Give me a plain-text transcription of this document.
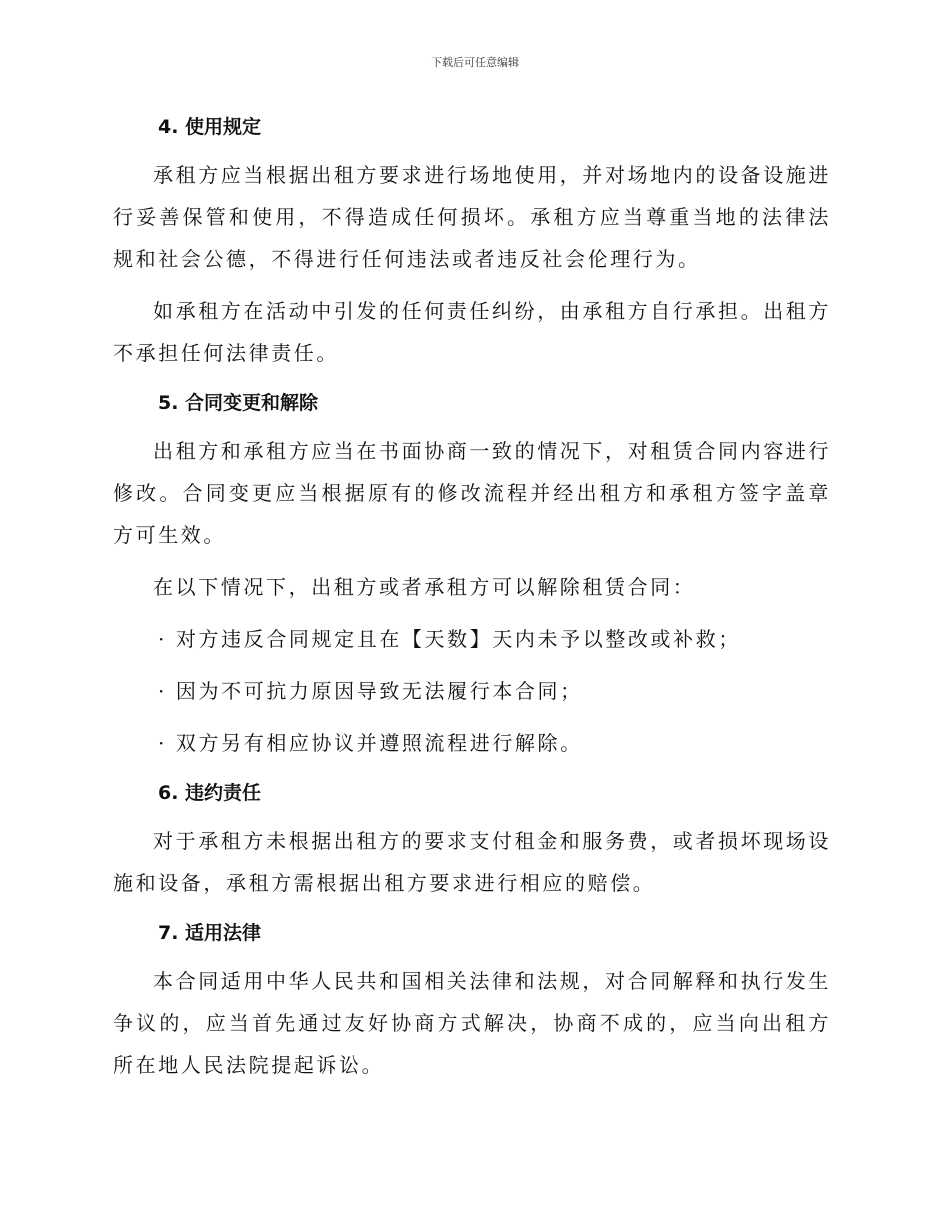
下载后可任意编辑
4. 使用规定

承租方应当根据出租方要求进行场地使用，并对场地内的设备设施进行妥善保管和使用，不得造成任何损坏。承租方应当尊重当地的法律法规和社会公德，不得进行任何违法或者违反社会伦理行为。

如承租方在活动中引发的任何责任纠纷，由承租方自行承担。出租方不承担任何法律责任。

5. 合同变更和解除

出租方和承租方应当在书面协商一致的情况下，对租赁合同内容进行修改。合同变更应当根据原有的修改流程并经出租方和承租方签字盖章方可生效。

在以下情况下，出租方或者承租方可以解除租赁合同：

· 对方违反合同规定且在【天数】天内未予以整改或补救；

· 因为不可抗力原因导致无法履行本合同；

· 双方另有相应协议并遵照流程进行解除。

6. 违约责任

对于承租方未根据出租方的要求支付租金和服务费，或者损坏现场设施和设备，承租方需根据出租方要求进行相应的赔偿。

7. 适用法律

本合同适用中华人民共和国相关法律和法规，对合同解释和执行发生争议的，应当首先通过友好协商方式解决，协商不成的，应当向出租方所在地人民法院提起诉讼。
